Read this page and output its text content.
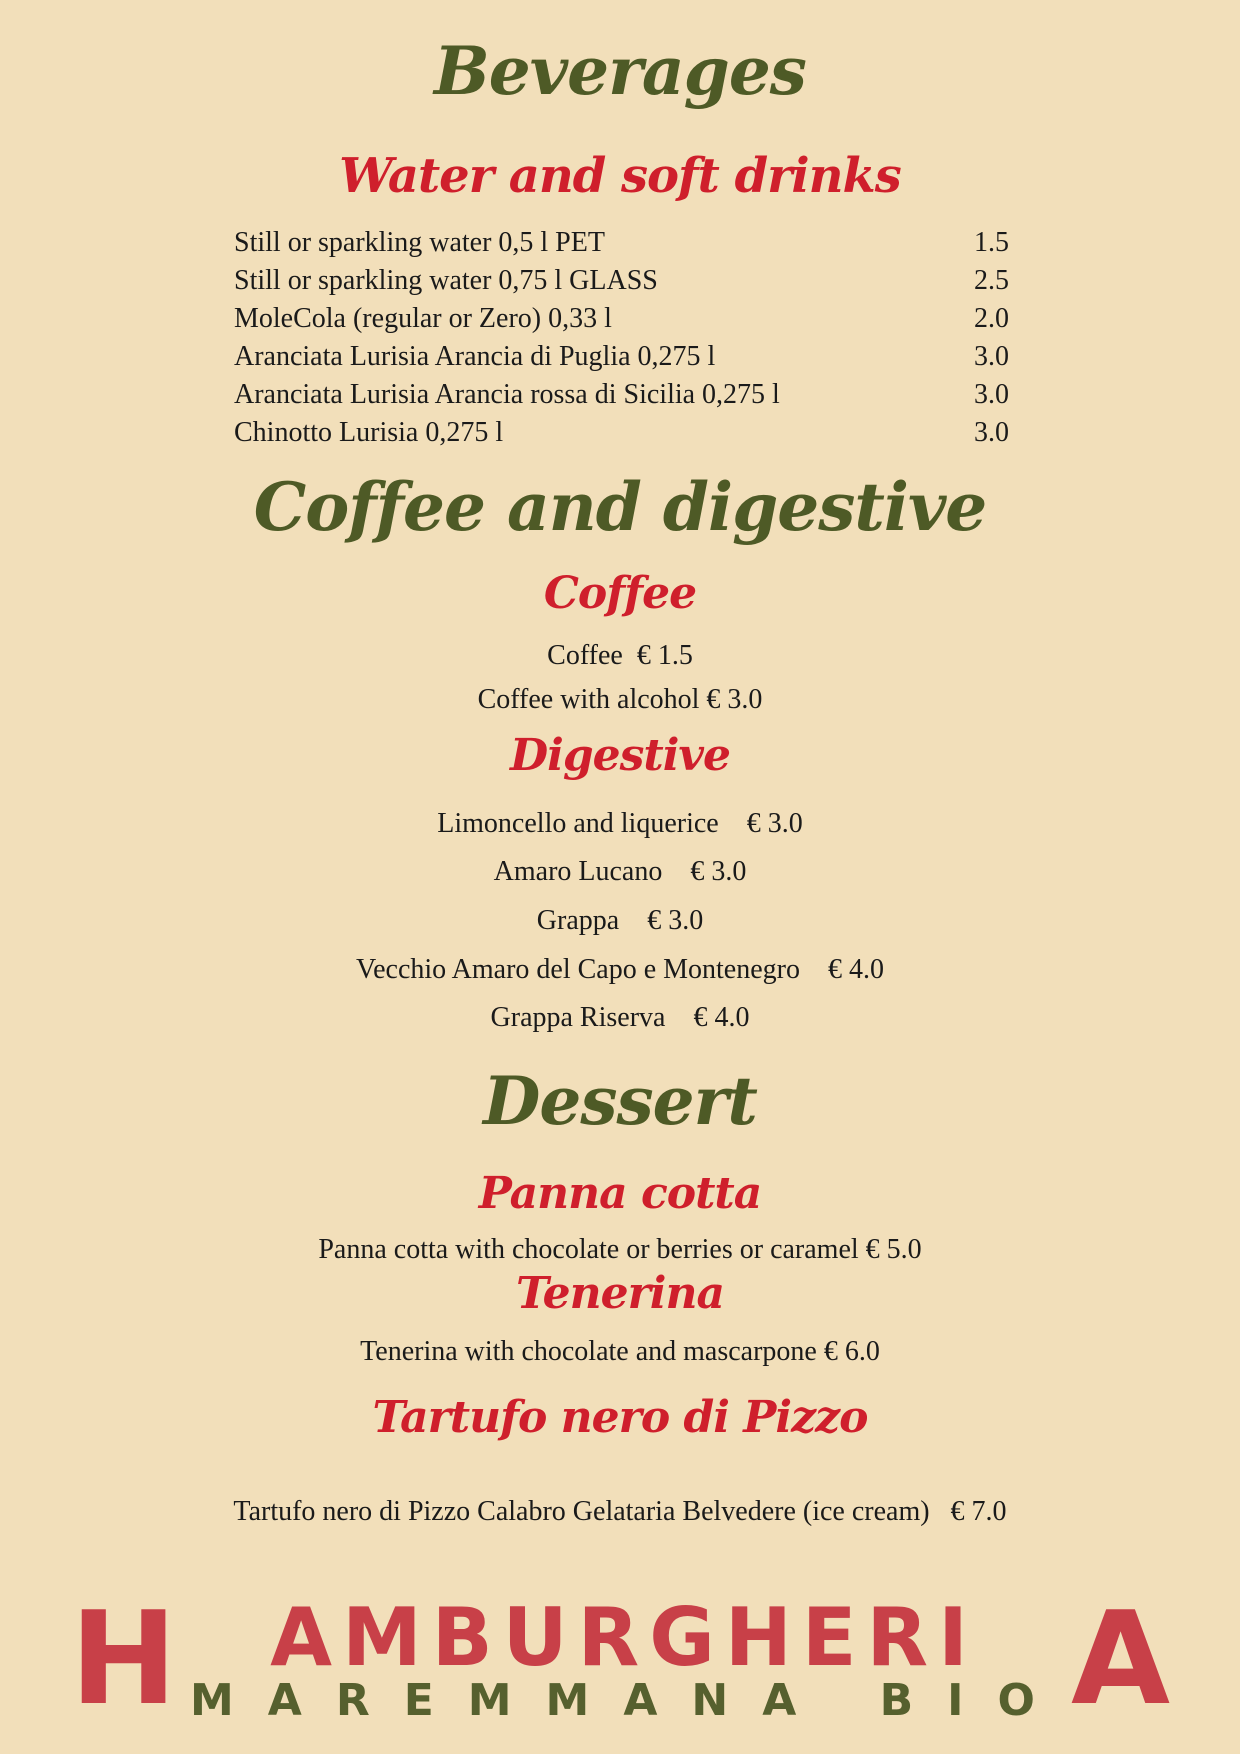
Beverages
Water and soft drinks
Still or sparkling water 0,5 l PET	1.5
Still or sparkling water 0,75 l GLASS	2.5
MoleCola (regular or Zero) 0,33 l	2.0
Aranciata Lurisia Arancia di Puglia 0,275 l	3.0
Aranciata Lurisia Arancia rossa di Sicilia 0,275 l	3.0
Chinotto Lurisia 0,275 l	3.0
Coffee and digestive
Coffee
Coffee  € 1.5
Coffee with alcohol € 3.0
Digestive
Limoncello and liquerice    € 3.0
Amaro Lucano    € 3.0
Grappa    € 3.0
Vecchio Amaro del Capo e Montenegro    € 4.0
Grappa Riserva    € 4.0
Dessert
Panna cotta
Panna cotta with chocolate or berries or caramel € 5.0
Tenerina
Tenerina with chocolate and mascarpone € 6.0
Tartufo nero di Pizzo
Tartufo nero di Pizzo Calabro Gelataria Belvedere (ice cream)   € 7.0
H	AMBURGHERI A
MAREMMANA BIO
